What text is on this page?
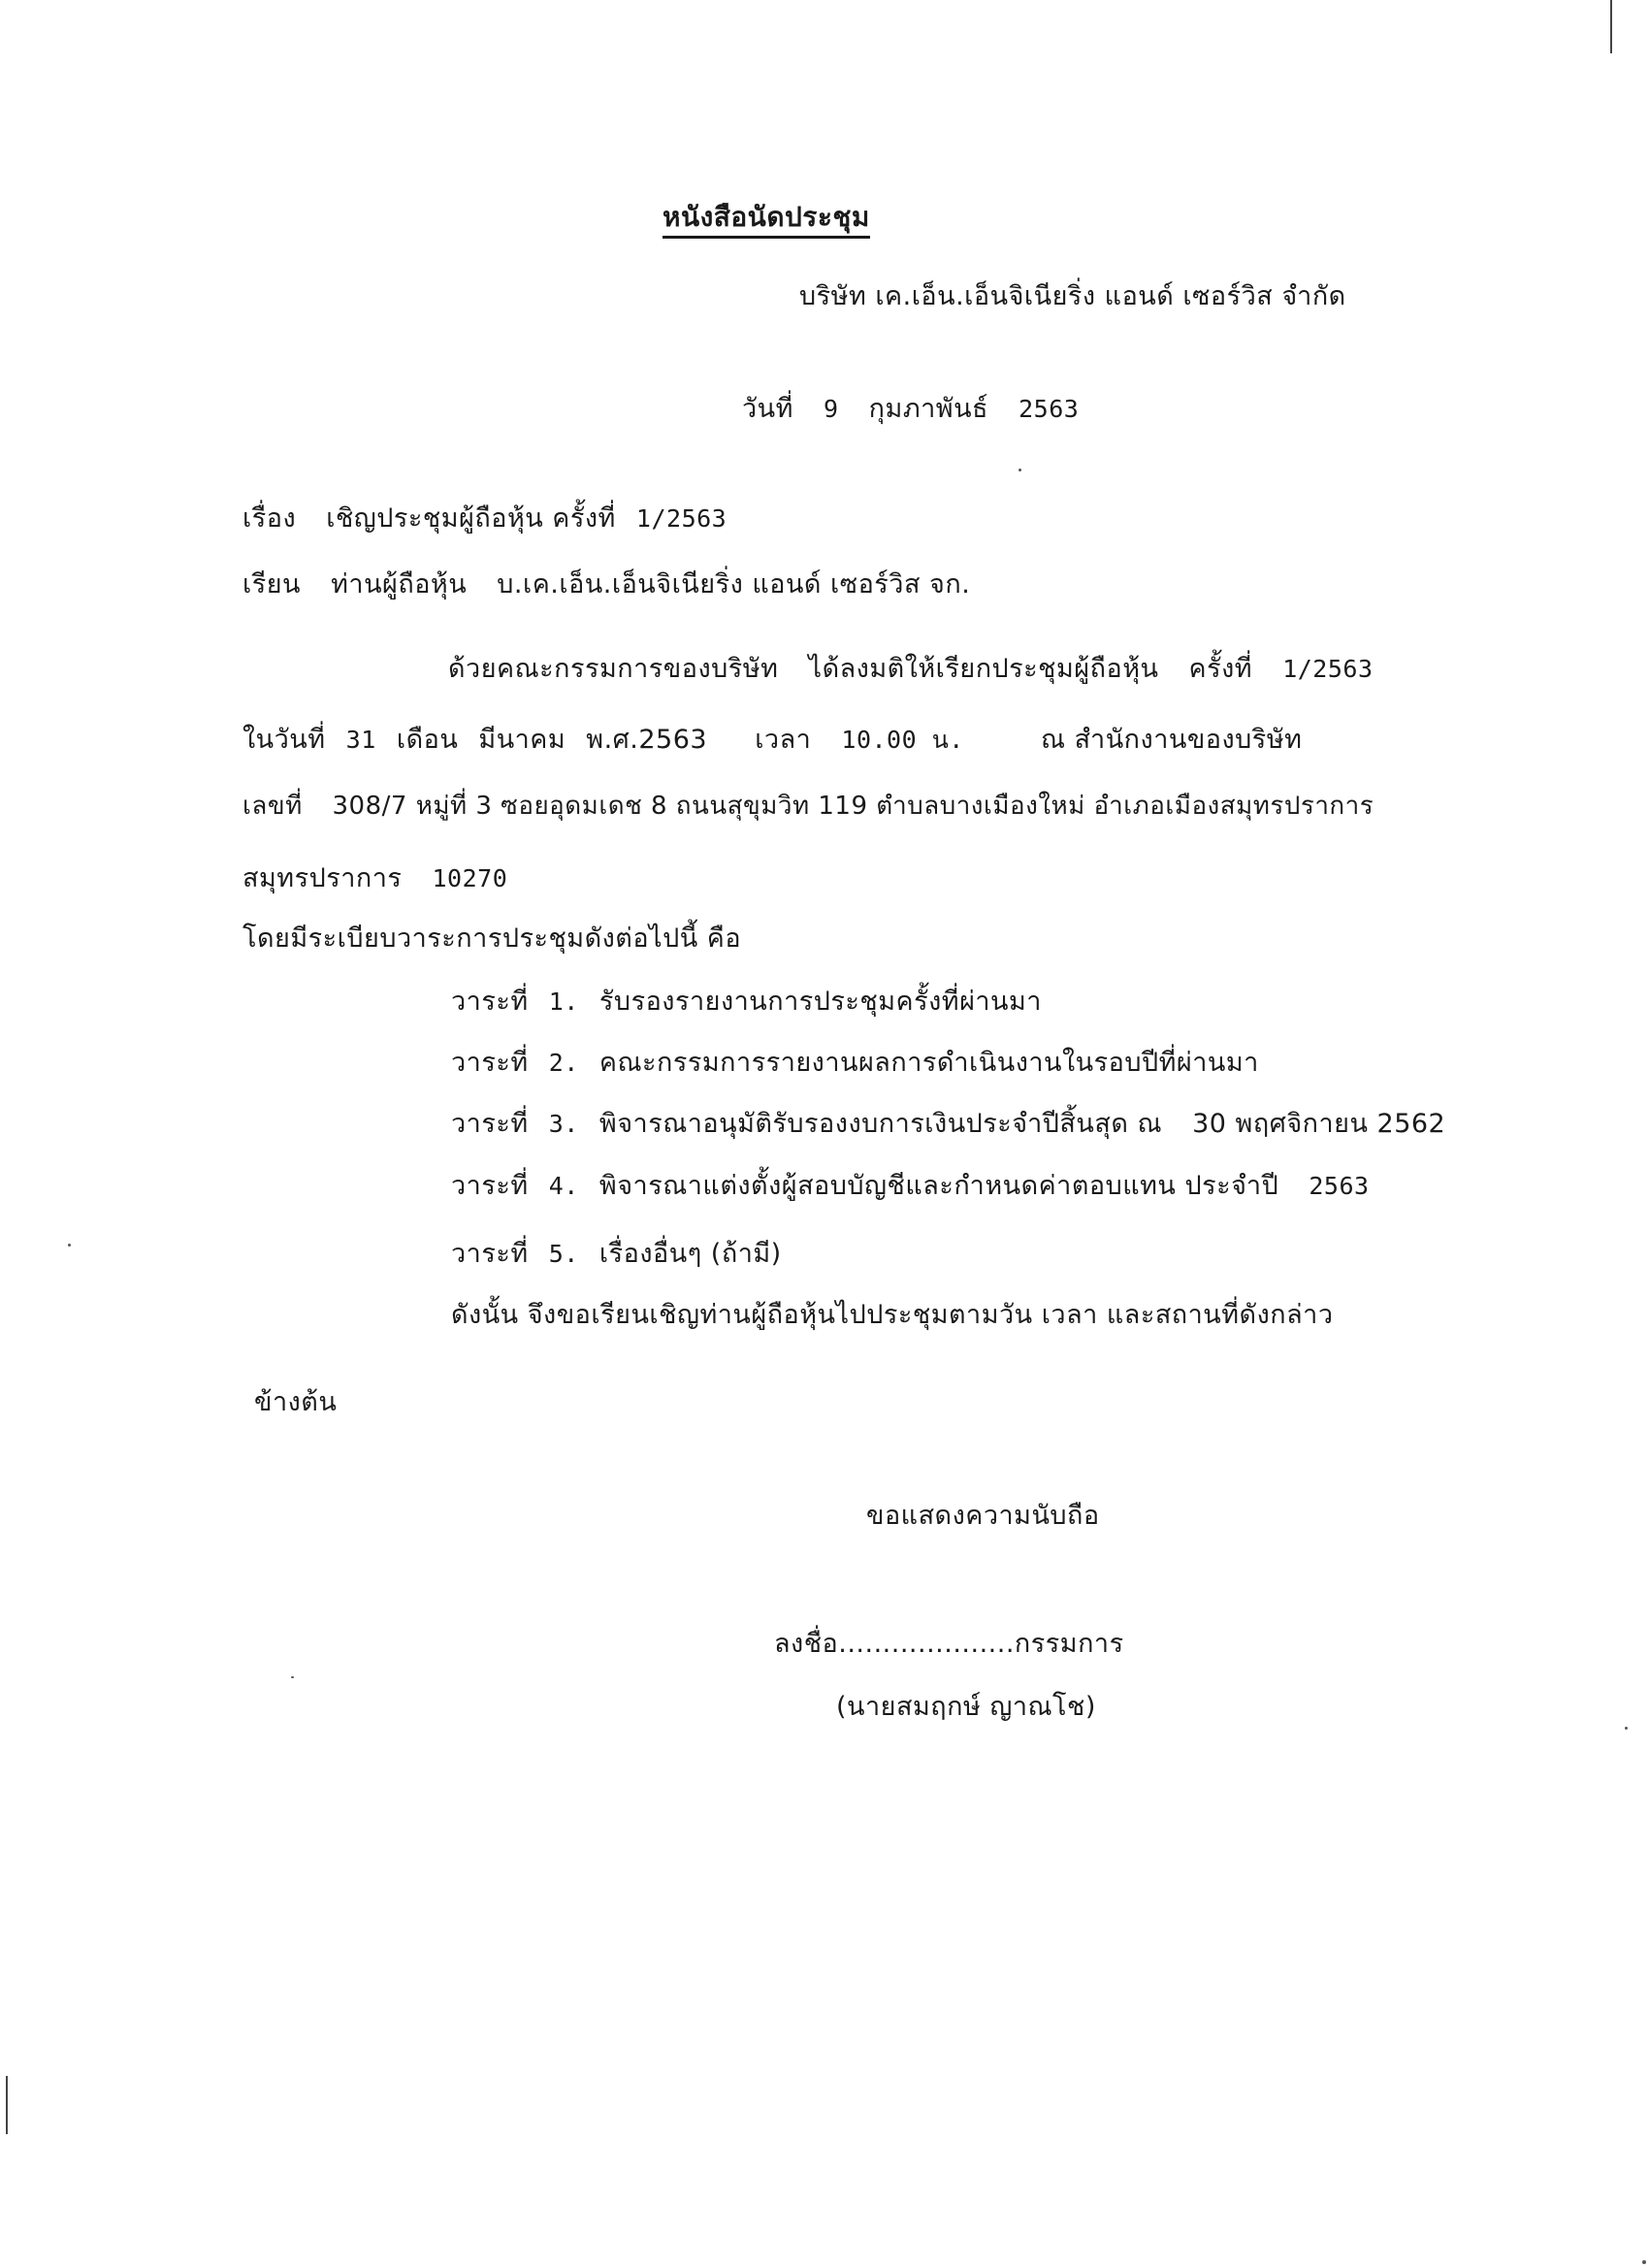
หนังสือนัดประชุม
บริษัท เค.เอ็น.เอ็นจิเนียริ่ง แอนด์ เซอร์วิส จำกัด
วันที่ 9 กุมภาพันธ์ 2563
เรื่อง เชิญประชุมผู้ถือหุ้น ครั้งที่ 1/2563
เรียน ท่านผู้ถือหุ้น บ.เค.เอ็น.เอ็นจิเนียริ่ง แอนด์ เซอร์วิส จก.
ด้วยคณะกรรมการของบริษัท ได้ลงมติให้เรียกประชุมผู้ถือหุ้น ครั้งที่ 1/2563
ในวันที่ 31 เดือน มีนาคม พ.ศ.2563 เวลา 10.00 น.	ณ สำนักงานของบริษัท
เลขที่ 308/7 หมู่ที่ 3 ซอยอุดมเดช 8 ถนนสุขุมวิท 119 ตำบลบางเมืองใหม่ อำเภอเมืองสมุทรปราการ
สมุทรปราการ 10270
โดยมีระเบียบวาระการประชุมดังต่อไปนี้ คือ
วาระที่ 1. รับรองรายงานการประชุมครั้งที่ผ่านมา
วาระที่ 2. คณะกรรมการรายงานผลการดำเนินงานในรอบปีที่ผ่านมา
วาระที่ 3. พิจารณาอนุมัติรับรองงบการเงินประจำปีสิ้นสุด ณ 30 พฤศจิกายน 2562
วาระที่ 4. พิจารณาแต่งตั้งผู้สอบบัญชีและกำหนดค่าตอบแทน ประจำปี 2563
วาระที่ 5. เรื่องอื่นๆ (ถ้ามี)
ดังนั้น จึงขอเรียนเชิญท่านผู้ถือหุ้นไปประชุมตามวัน เวลา และสถานที่ดังกล่าว
ข้างต้น
ขอแสดงความนับถือ
ลงชื่อ....................กรรมการ
(นายสมฤกษ์ ญาณโช)
